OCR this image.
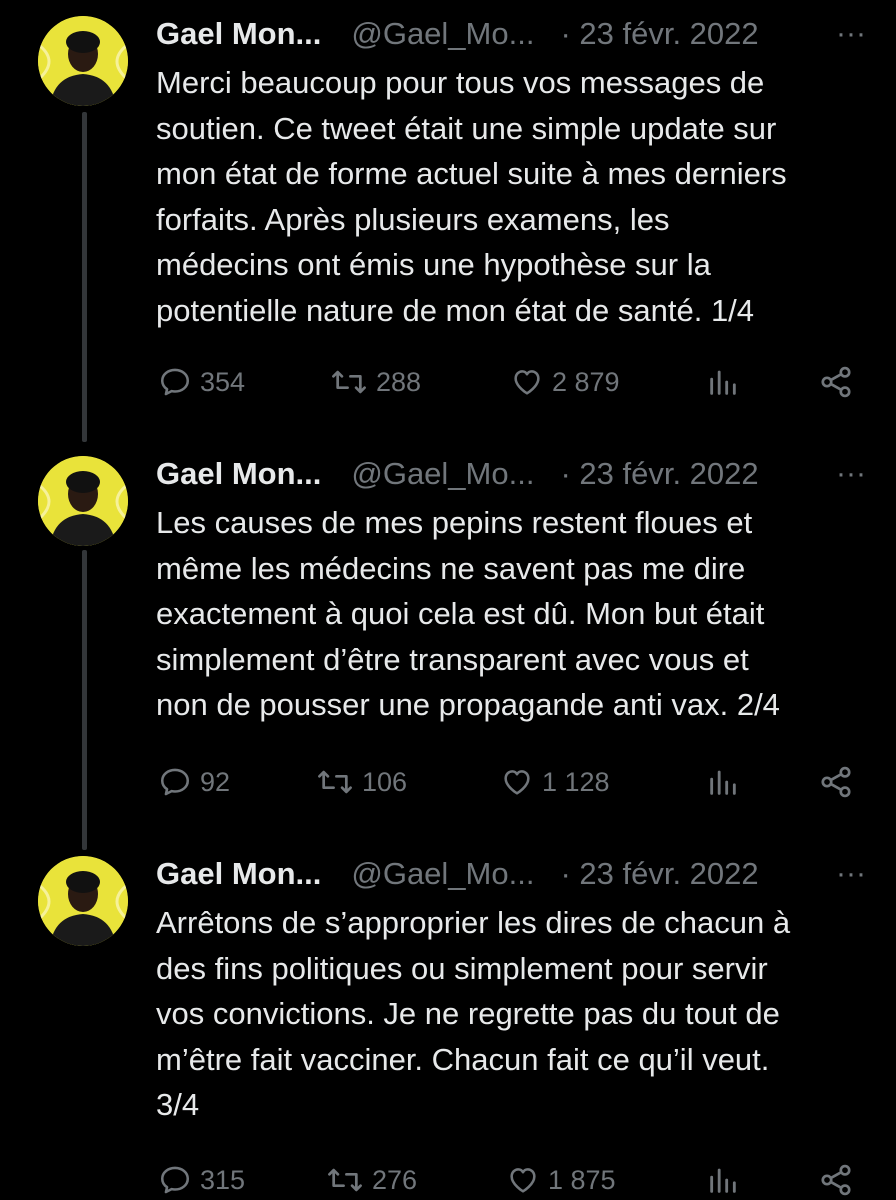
Gael Mon... @Gael_Mo... · 23 févr. 2022	···
Merci beaucoup pour tous vos messages de
soutien. Ce tweet était une simple update sur
mon état de forme actuel suite à mes derniers
forfaits. Après plusieurs examens, les
médecins ont émis une hypothèse sur la
potentielle nature de mon état de santé. 1/4
354	288	2 879
Gael Mon... @Gael_Mo... · 23 févr. 2022	···
Les causes de mes pepins restent floues et
même les médecins ne savent pas me dire
exactement à quoi cela est dû. Mon but était
simplement d’être transparent avec vous et
non de pousser une propagande anti vax. 2/4
92	106	1 128
Gael Mon... @Gael_Mo... · 23 févr. 2022	···
Arrêtons de s’approprier les dires de chacun à
des fins politiques ou simplement pour servir
vos convictions. Je ne regrette pas du tout de
m’être fait vacciner. Chacun fait ce qu’il veut.
3/4
315	276	1 875
